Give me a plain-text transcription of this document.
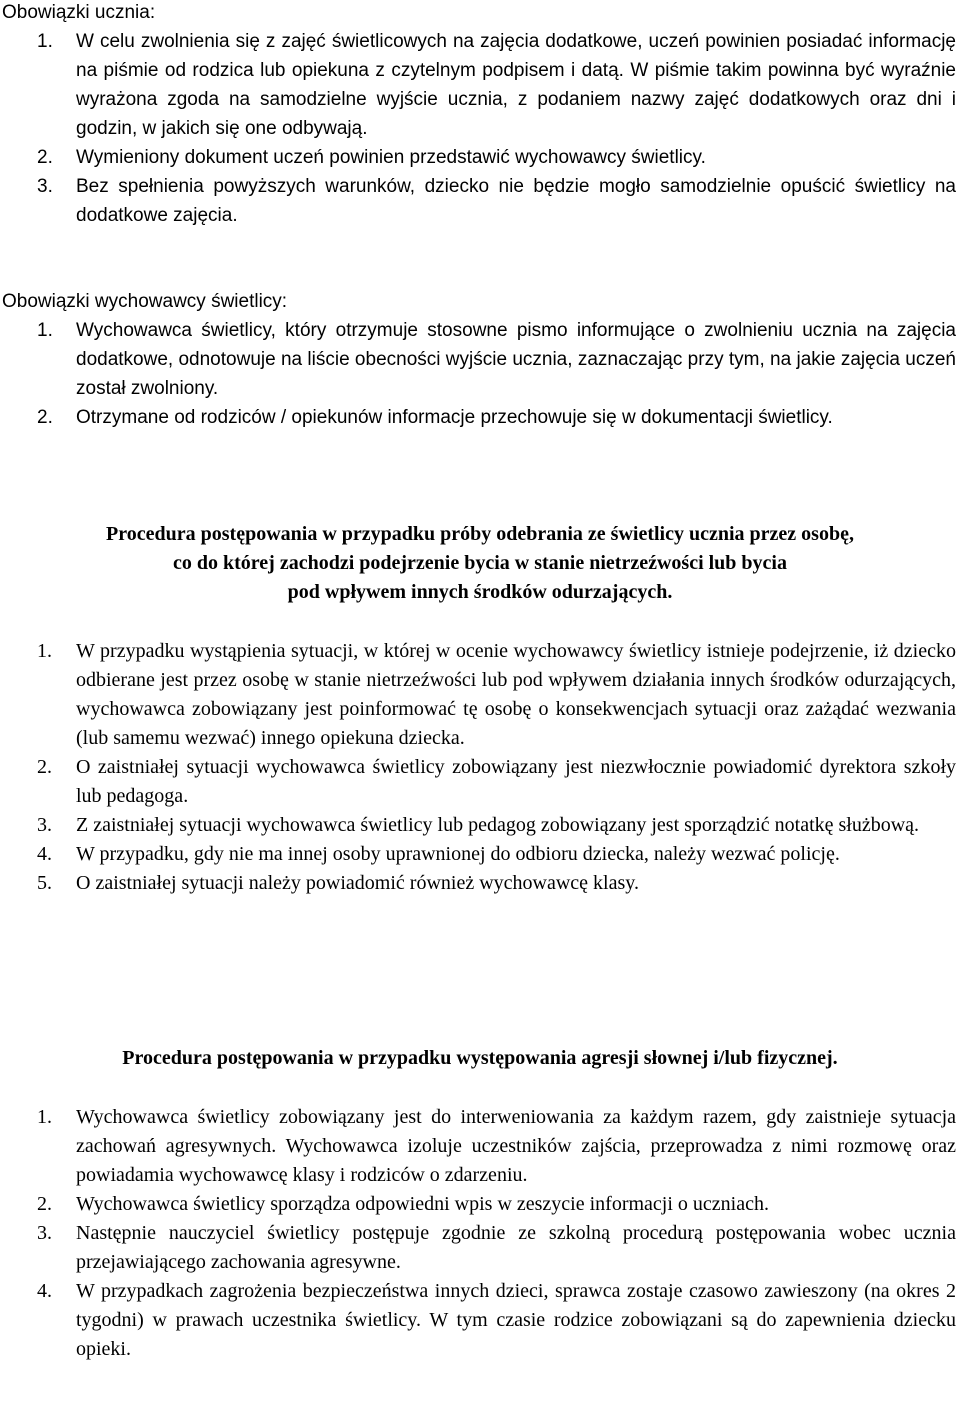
Obowiązki ucznia:
1. W celu zwolnienia się z zajęć świetlicowych na zajęcia dodatkowe, uczeń powinien posiadać informację na piśmie od rodzica lub opiekuna z czytelnym podpisem i datą. W piśmie takim powinna być wyraźnie wyrażona zgoda na samodzielne wyjście ucznia, z podaniem nazwy zajęć dodatkowych oraz dni i godzin, w jakich się one odbywają.
2. Wymieniony dokument uczeń powinien przedstawić wychowawcy świetlicy.
3. Bez spełnienia powyższych warunków, dziecko nie będzie mogło samodzielnie opuścić świetlicy na dodatkowe zajęcia.
Obowiązki wychowawcy świetlicy:
1. Wychowawca świetlicy, który otrzymuje stosowne pismo informujące o zwolnieniu ucznia na zajęcia dodatkowe, odnotowuje na liście obecności wyjście ucznia, zaznaczając przy tym, na jakie zajęcia uczeń został zwolniony.
2. Otrzymane od rodziców / opiekunów informacje przechowuje się w dokumentacji świetlicy.
Procedura postępowania w przypadku próby odebrania ze świetlicy ucznia przez osobę,
co do której zachodzi podejrzenie bycia w stanie nietrzeźwości lub bycia
pod wpływem innych środków odurzających.
1. W przypadku wystąpienia sytuacji, w której w ocenie wychowawcy świetlicy istnieje podejrzenie, iż dziecko odbierane jest przez osobę w stanie nietrzeźwości lub pod wpływem działania innych środków odurzających, wychowawca zobowiązany jest poinformować tę osobę o konsekwencjach sytuacji oraz zażądać wezwania (lub samemu wezwać) innego opiekuna dziecka.
2. O zaistniałej sytuacji wychowawca świetlicy zobowiązany jest niezwłocznie powiadomić dyrektora szkoły lub pedagoga.
3. Z zaistniałej sytuacji wychowawca świetlicy lub pedagog zobowiązany jest sporządzić notatkę służbową.
4. W przypadku, gdy nie ma innej osoby uprawnionej do odbioru dziecka, należy wezwać policję.
5. O zaistniałej sytuacji należy powiadomić również wychowawcę klasy.
Procedura postępowania w przypadku występowania agresji słownej i/lub fizycznej.
1. Wychowawca świetlicy zobowiązany jest do interweniowania za każdym razem, gdy zaistnieje sytuacja zachowań agresywnych. Wychowawca izoluje uczestników zajścia, przeprowadza z nimi rozmowę oraz powiadamia wychowawcę klasy i rodziców o zdarzeniu.
2. Wychowawca świetlicy sporządza odpowiedni wpis w zeszycie informacji o uczniach.
3. Następnie nauczyciel świetlicy postępuje zgodnie ze szkolną procedurą postępowania wobec ucznia przejawiającego zachowania agresywne.
4. W przypadkach zagrożenia bezpieczeństwa innych dzieci, sprawca zostaje czasowo zawieszony (na okres 2 tygodni) w prawach uczestnika świetlicy. W tym czasie rodzice zobowiązani są do zapewnienia dziecku opieki.
